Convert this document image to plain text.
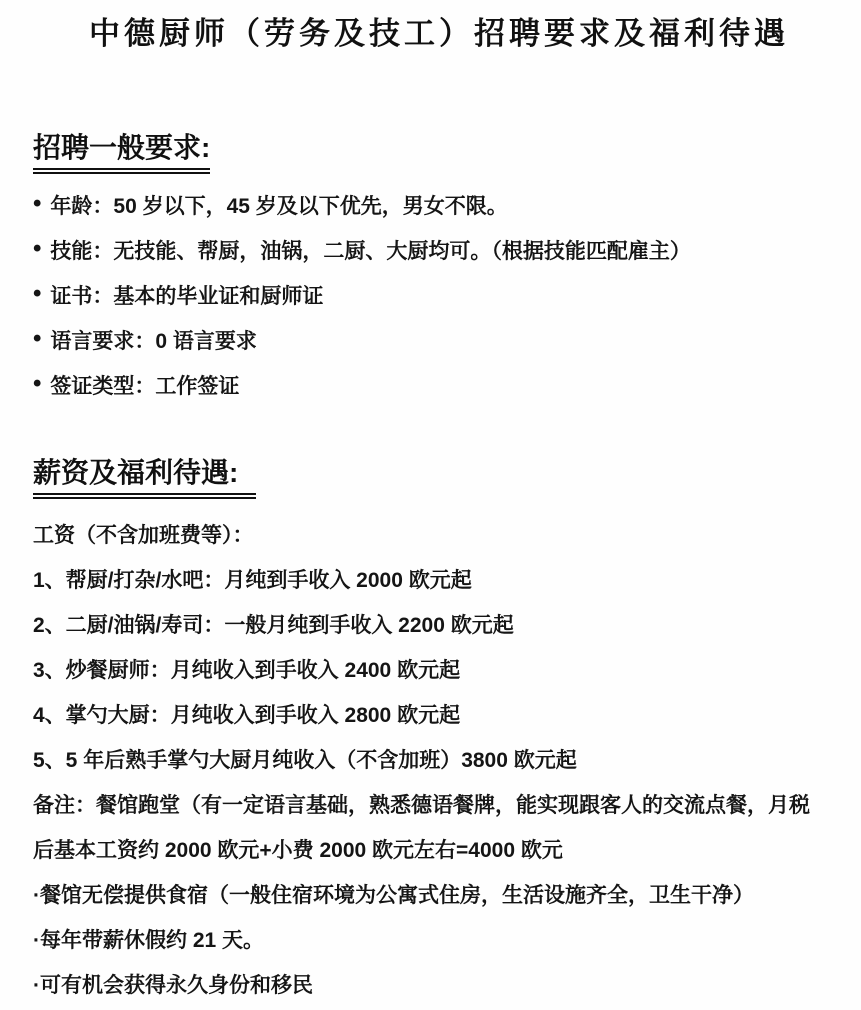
中德厨师（劳务及技工）招聘要求及福利待遇
招聘一般要求:
• 年龄：50 岁以下，45 岁及以下优先，男女不限。
• 技能：无技能、帮厨，油锅，二厨、大厨均可。（根据技能匹配雇主）
• 证书：基本的毕业证和厨师证
• 语言要求：0 语言要求
• 签证类型：工作签证
薪资及福利待遇:
工资（不含加班费等）：
1、帮厨/打杂/水吧：月纯到手收入 2000 欧元起
2、二厨/油锅/寿司：一般月纯到手收入 2200 欧元起
3、炒餐厨师：月纯收入到手收入 2400 欧元起
4、掌勺大厨：月纯收入到手收入 2800 欧元起
5、5 年后熟手掌勺大厨月纯收入（不含加班）3800 欧元起
备注：餐馆跑堂（有一定语言基础，熟悉德语餐牌，能实现跟客人的交流点餐，月税
后基本工资约 2000 欧元+小费 2000 欧元左右=4000 欧元
·餐馆无偿提供食宿（一般住宿环境为公寓式住房，生活设施齐全，卫生干净）
·每年带薪休假约 21 天。
·可有机会获得永久身份和移民
